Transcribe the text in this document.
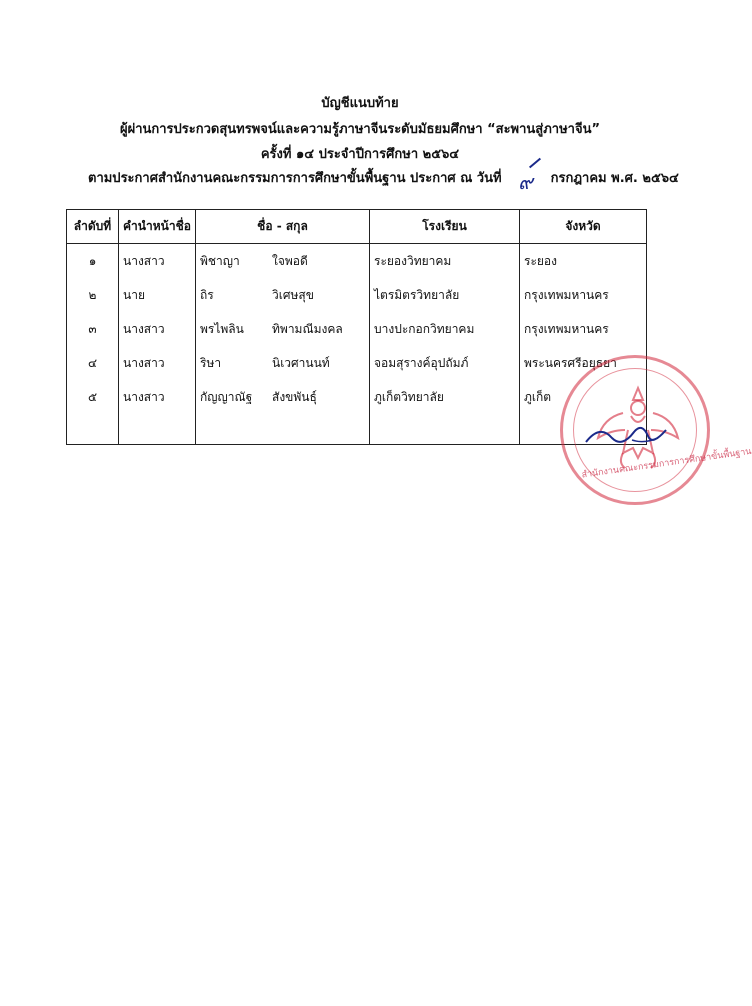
บัญชีแนบท้าย
ผู้ผ่านการประกวดสุนทรพจน์และความรู้ภาษาจีนระดับมัธยมศึกษา “สะพานสู่ภาษาจีน”
ครั้งที่ ๑๔ ประจำปีการศึกษา ๒๕๖๔
ตามประกาศสำนักงานคณะกรรมการการศึกษาขั้นพื้นฐาน ประกาศ ณ วันที่ ๙ กรกฎาคม พ.ศ. ๒๕๖๔
ลำดับที่	คำนำหน้าชื่อ	ชื่อ - สกุล	โรงเรียน	จังหวัด
๑	นางสาว	พิชาญา ใจพอดี	ระยองวิทยาคม	ระยอง
๒	นาย	ถิร วิเศษสุข	ไตรมิตรวิทยาลัย	กรุงเทพมหานคร
๓	นางสาว	พรไพลิน ทิพามณีมงคล	บางปะกอกวิทยาคม	กรุงเทพมหานคร
๔	นางสาว	ริษา นิเวศานนท์	จอมสุรางค์อุปถัมภ์	พระนครศรีอยุธยา
๕	นางสาว	กัญญาณัฐ สังขพันธุ์	ภูเก็ตวิทยาลัย	ภูเก็ต

สำนักงานคณะกรรมการการศึกษาขั้นพื้นฐาน
